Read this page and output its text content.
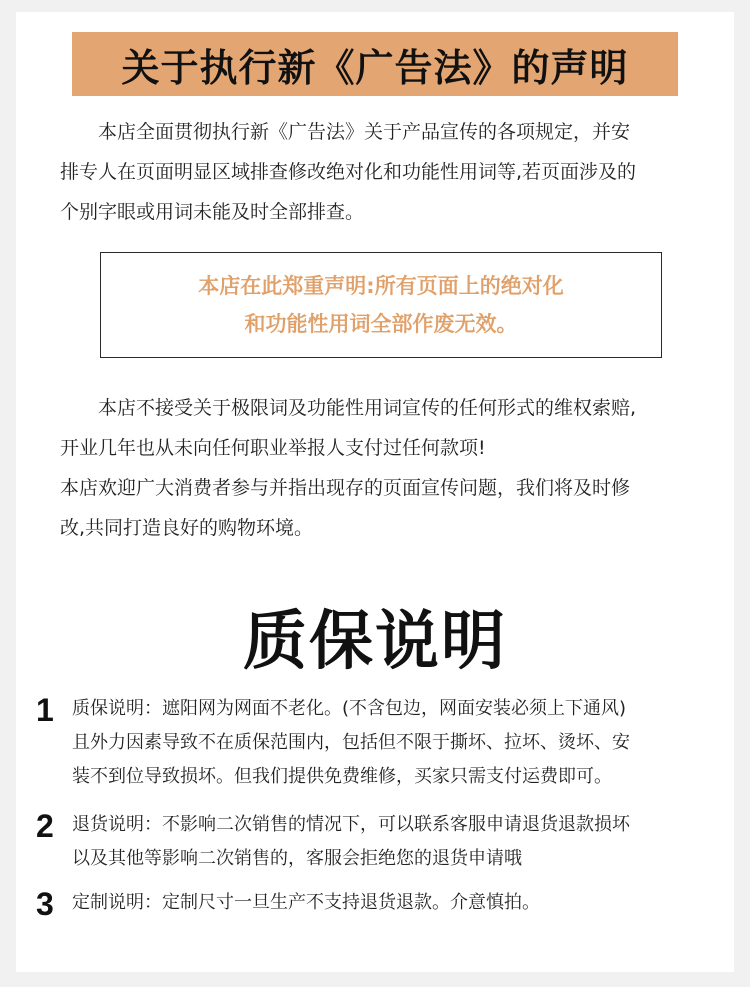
关于执行新《广告法》的声明

本店全面贯彻执行新《广告法》关于产品宣传的各项规定，并安

排专人在页面明显区域排查修改绝对化和功能性用词等,若页面涉及的

个别字眼或用词未能及时全部排查。

本店在此郑重声明:所有页面上的绝对化
和功能性用词全部作废无效。

本店不接受关于极限词及功能性用词宣传的任何形式的维权索赔,

开业几年也从未向任何职业举报人支付过任何款项!

本店欢迎广大消费者参与并指出现存的页面宣传问题，我们将及时修

改,共同打造良好的购物环境。

质保说明
1	质保说明：遮阳网为网面不老化。(不含包边，网面安装必须上下通风)

且外力因素导致不在质保范围内，包括但不限于撕坏、拉坏、烫坏、安

装不到位导致损坏。但我们提供免费维修，买家只需支付运费即可。

2	退货说明：不影响二次销售的情况下，可以联系客服申请退货退款损坏

以及其他等影响二次销售的，客服会拒绝您的退货申请哦

3	定制说明：定制尺寸一旦生产不支持退货退款。介意慎拍。
